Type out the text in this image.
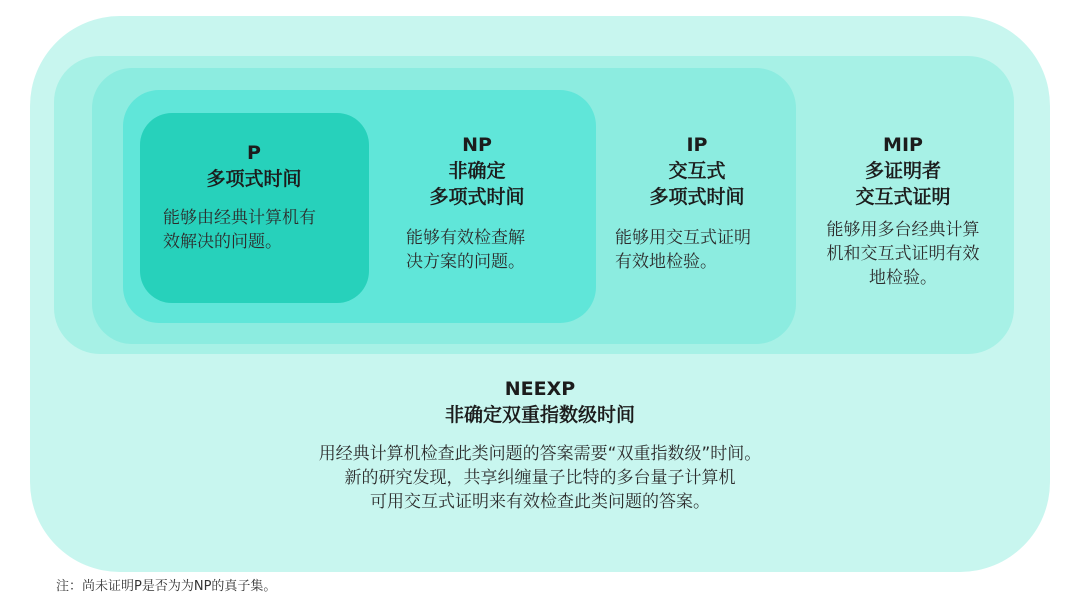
P
多项式时间
能够由经典计算机有
效解决的问题。
NP
非确定
多项式时间
能够有效检查解
决方案的问题。
IP
交互式
多项式时间
能够用交互式证明
有效地检验。
MIP
多证明者
交互式证明
能够用多台经典计算
机和交互式证明有效
地检验。
NEEXP
非确定双重指数级时间
用经典计算机检查此类问题的答案需要“双重指数级”时间。
新的研究发现，共享纠缠量子比特的多台量子计算机
可用交互式证明来有效检查此类问题的答案。
注：尚未证明P是否为为NP的真子集。
